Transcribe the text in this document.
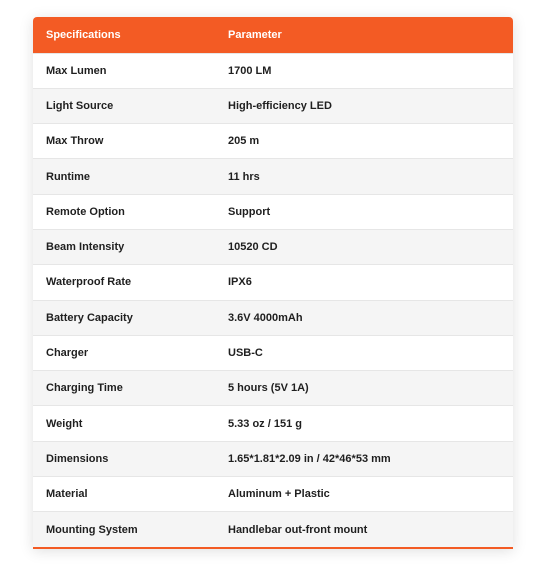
Specifications	Parameter
Max Lumen	1700 LM
Light Source	High-efficiency LED
Max Throw	205 m
Runtime	11 hrs
Remote Option	Support
Beam Intensity	10520 CD
Waterproof Rate	IPX6
Battery Capacity	3.6V 4000mAh
Charger	USB-C
Charging Time	5 hours (5V 1A)
Weight	5.33 oz / 151 g
Dimensions	1.65*1.81*2.09 in / 42*46*53 mm
Material	Aluminum + Plastic
Mounting System	Handlebar out-front mount
